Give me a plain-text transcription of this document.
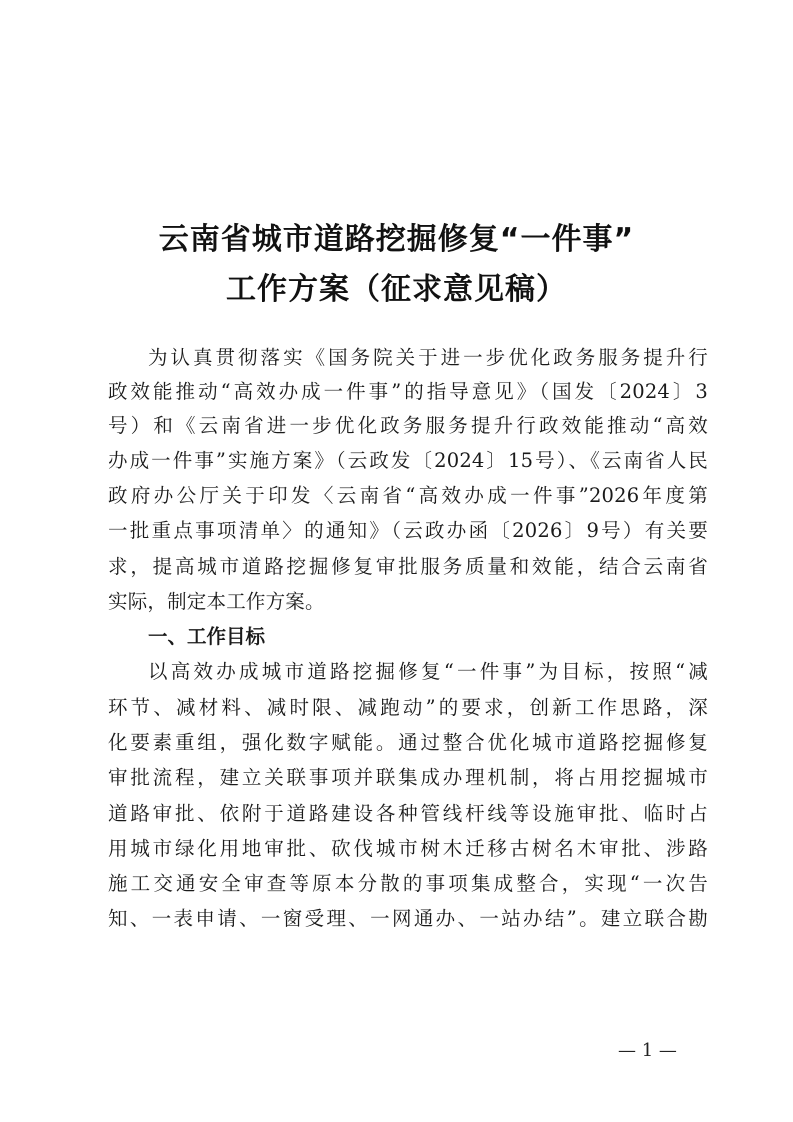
云南省城市道路挖掘修复“一件事”
工作方案（征求意见稿）
为认真贯彻落实《国务院关于进一步优化政务服务提升行
政效能推动“高效办成一件事”的指导意见》（国发〔2024〕3
号）和《云南省进一步优化政务服务提升行政效能推动“高效
办成一件事”实施方案》（云政发〔2024〕15号）、《云南省人民
政府办公厅关于印发〈云南省“高效办成一件事”2026年度第
一批重点事项清单〉的通知》（云政办函〔2026〕9号）有关要
求，提高城市道路挖掘修复审批服务质量和效能，结合云南省
实际，制定本工作方案。
一、工作目标
以高效办成城市道路挖掘修复“一件事”为目标，按照“减
环节、减材料、减时限、减跑动”的要求，创新工作思路，深
化要素重组，强化数字赋能。通过整合优化城市道路挖掘修复
审批流程，建立关联事项并联集成办理机制，将占用挖掘城市
道路审批、依附于道路建设各种管线杆线等设施审批、临时占
用城市绿化用地审批、砍伐城市树木迁移古树名木审批、涉路
施工交通安全审查等原本分散的事项集成整合，实现“一次告
知、一表申请、一窗受理、一网通办、一站办结”。建立联合勘
— 1 —
